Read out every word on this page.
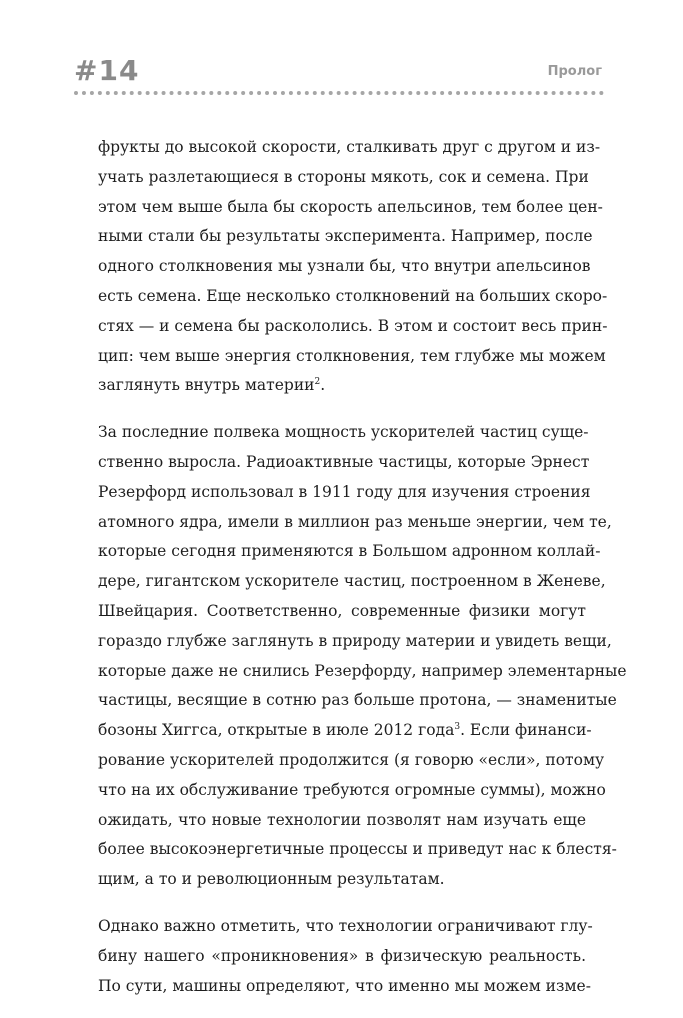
#14	Пролог
фрукты до высокой скорости, сталкивать друг с другом и из-
учать разлетающиеся в стороны мякоть, сок и семена. При
этом чем выше была бы скорость апельсинов, тем более цен-
ными стали бы результаты эксперимента. Например, после
одного столкновения мы узнали бы, что внутри апельсинов
есть семена. Еще несколько столкновений на больших скоро-
стях — и семена бы раскололись. В этом и состоит весь прин-
цип: чем выше энергия столкновения, тем глубже мы можем
заглянуть внутрь материи$^2$.
За последние полвека мощность ускорителей частиц суще-
ственно выросла. Радиоактивные частицы, которые Эрнест
Резерфорд использовал в 1911 году для изучения строения
атомного ядра, имели в миллион раз меньше энергии, чем те,
которые сегодня применяются в Большом адронном коллай-
дере, гигантском ускорителе частиц, построенном в Женеве,
Швейцария. Соответственно, современные физики могут
гораздо глубже заглянуть в природу материи и увидеть вещи,
которые даже не снились Резерфорду, например элементарные
частицы, весящие в сотню раз больше протона, — знаменитые
бозоны Хиггса, открытые в июле 2012 года$^3$. Если финанси-
рование ускорителей продолжится (я говорю «если», потому
что на их обслуживание требуются огромные суммы), можно
ожидать, что новые технологии позволят нам изучать еще
более высокоэнергетичные процессы и приведут нас к блестя-
щим, а то и революционным результатам.
Однако важно отметить, что технологии ограничивают глу-
бину нашего «проникновения» в физическую реальность.
По сути, машины определяют, что именно мы можем изме-
